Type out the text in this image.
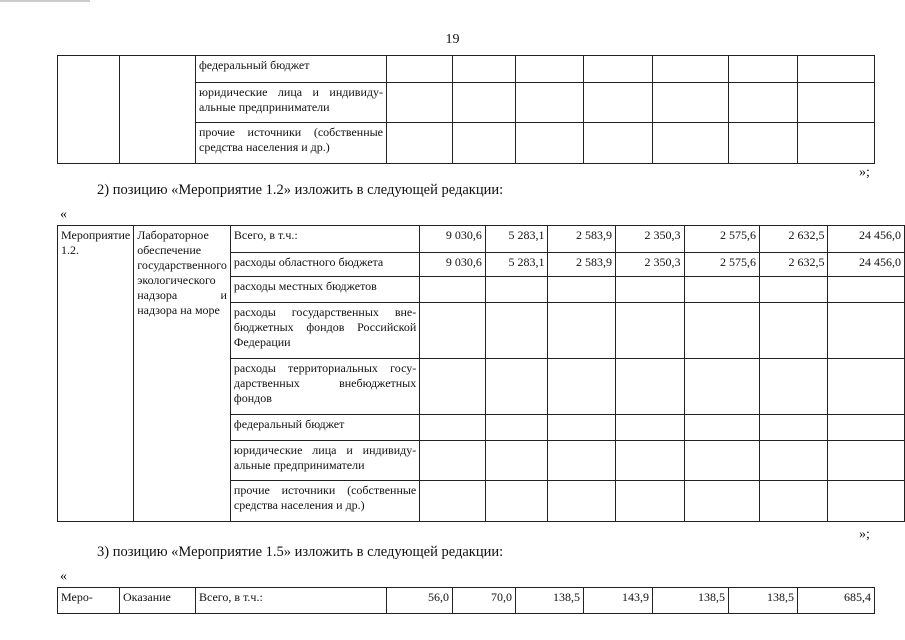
19
		федеральный бюджет							
		юридические лица и индивиду-альные предприниматели							
		прочие источники (собственные средства населения и др.)							
»;
2) позицию «Мероприятие 1.2» изложить в следующей редакции:
«
Мероприятие 1.2.	Лабораторное обеспечение государственного экологического надзора и надзора на море	Всего, в т.ч.:	9 030,6	5 283,1	2 583,9	2 350,3	2 575,6	2 632,5	24 456,0
		расходы областного бюджета	9 030,6	5 283,1	2 583,9	2 350,3	2 575,6	2 632,5	24 456,0
		расходы местных бюджетов							
		расходы государственных вне-бюджетных фондов Российской Федерации							
		расходы территориальных госу-дарственных внебюджетных фондов							
		федеральный бюджет							
		юридические лица и индивиду-альные предприниматели							
		прочие источники (собственные средства населения и др.)							
»;
3) позицию «Мероприятие 1.5» изложить в следующей редакции:
«
Меро-	Оказание	Всего, в т.ч.:	56,0	70,0	138,5	143,9	138,5	138,5	685,4
